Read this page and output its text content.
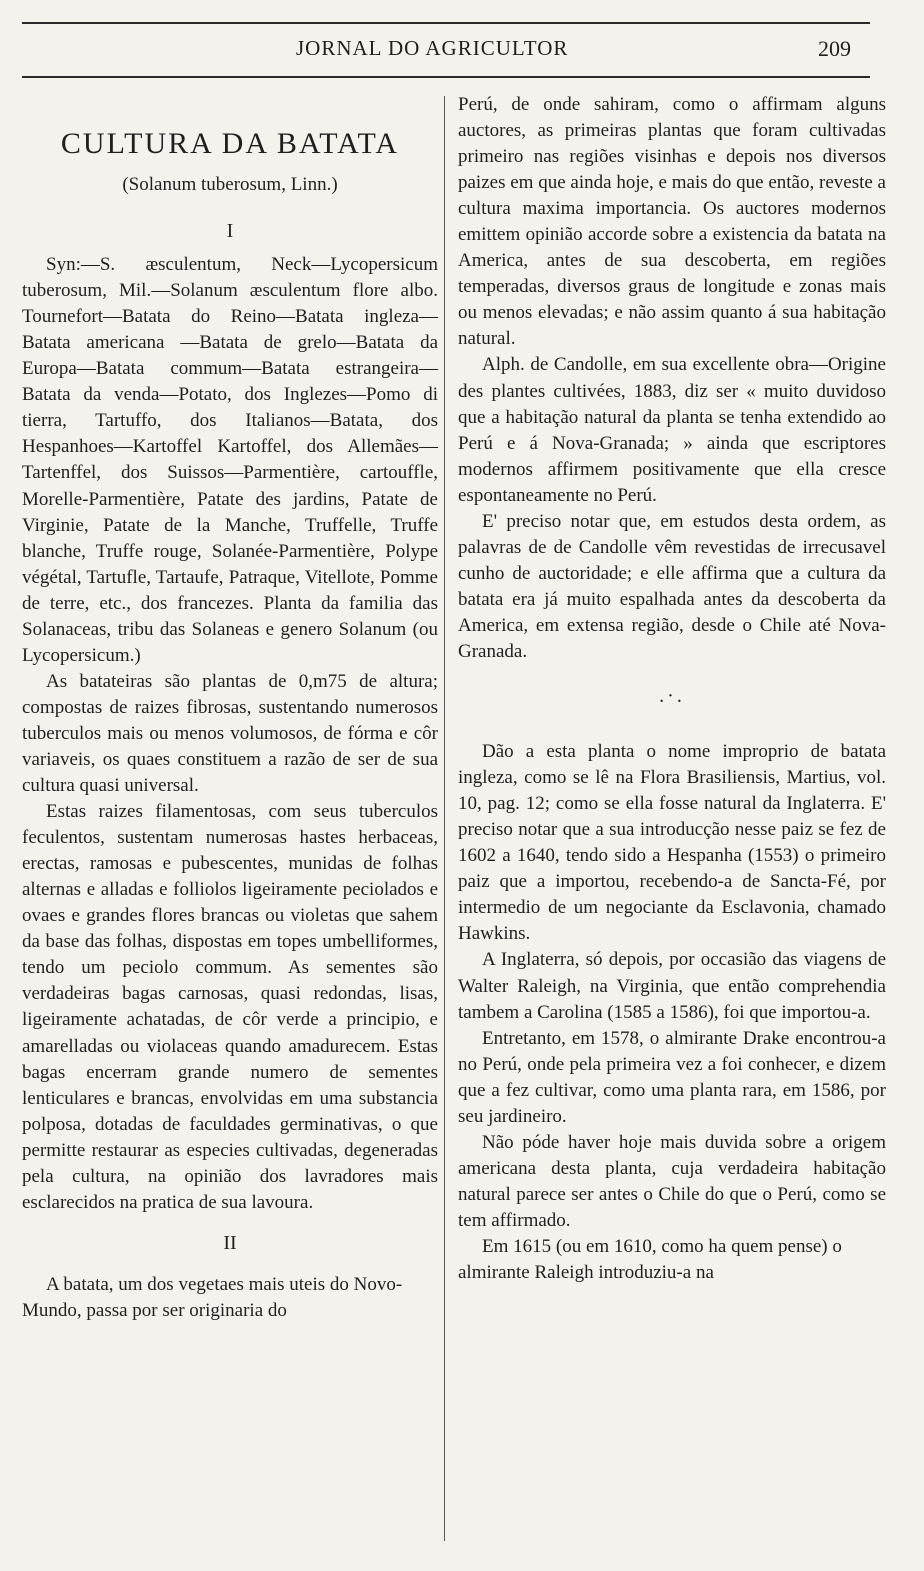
JORNAL DO AGRICULTOR	209
CULTURA DA BATATA
(Solanum tuberosum, Linn.)
I

Syn:—S. æsculentum, Neck—Lycopersicum tuberosum, Mil.—Solanum æsculentum flore albo. Tournefort—Batata do Reino—Batata ingleza—Batata americana —Batata de grelo—Batata da Europa—Batata commum—Batata estrangeira—Batata da venda—Potato, dos Inglezes—Pomo di tierra, Tartuffo, dos Italianos—Batata, dos Hespanhoes—Kartoffel Kartoffel, dos Allemães—Tartenffel, dos Suissos—Parmentière, cartouffle, Morelle-Parmentière, Patate des jardins, Patate de Virginie, Patate de la Manche, Truffelle, Truffe blanche, Truffe rouge, Solanée-Parmentière, Polype végétal, Tartufle, Tartaufe, Patraque, Vitellote, Pomme de terre, etc., dos francezes. Planta da familia das Solanaceas, tribu das Solaneas e genero Solanum (ou Lycopersicum.)

As batateiras são plantas de 0,m75 de altura; compostas de raizes fibrosas, sustentando numerosos tuberculos mais ou menos volumosos, de fórma e côr variaveis, os quaes constituem a razão de ser de sua cultura quasi universal.

Estas raizes filamentosas, com seus tuberculos feculentos, sustentam numerosas hastes herbaceas, erectas, ramosas e pubescentes, munidas de folhas alternas e alladas e folliolos ligeiramente peciolados e ovaes e grandes flores brancas ou violetas que sahem da base das folhas, dispostas em topes umbelliformes, tendo um peciolo commum. As sementes são verdadeiras bagas carnosas, quasi redondas, lisas, ligeiramente achatadas, de côr verde a principio, e amarelladas ou violaceas quando amadurecem. Estas bagas encerram grande numero de sementes lenticulares e brancas, envolvidas em uma substancia polposa, dotadas de faculdades germinativas, o que permitte restaurar as especies cultivadas, degeneradas pela cultura, na opinião dos lavradores mais esclarecidos na pratica de sua lavoura.

II

A batata, um dos vegetaes mais uteis do Novo-Mundo, passa por ser originaria do

Perú, de onde sahiram, como o affirmam alguns auctores, as primeiras plantas que foram cultivadas primeiro nas regiões visinhas e depois nos diversos paizes em que ainda hoje, e mais do que então, reveste a cultura maxima importancia. Os auctores modernos emittem opinião accorde sobre a existencia da batata na America, antes de sua descoberta, em regiões temperadas, diversos graus de longitude e zonas mais ou menos elevadas; e não assim quanto á sua habitação natural.

Alph. de Candolle, em sua excellente obra—Origine des plantes cultivées, 1883, diz ser « muito duvidoso que a habitação natural da planta se tenha extendido ao Perú e á Nova-Granada; » ainda que escriptores modernos affirmem positivamente que ella cresce espontaneamente no Perú.

E' preciso notar que, em estudos desta ordem, as palavras de de Candolle vêm revestidas de irrecusavel cunho de auctoridade; e elle affirma que a cultura da batata era já muito espalhada antes da descoberta da America, em extensa região, desde o Chile até Nova-Granada.

.·.

Dão a esta planta o nome improprio de batata ingleza, como se lê na Flora Brasiliensis, Martius, vol. 10, pag. 12; como se ella fosse natural da Inglaterra. E' preciso notar que a sua introducção nesse paiz se fez de 1602 a 1640, tendo sido a Hespanha (1553) o primeiro paiz que a importou, recebendo-a de Sancta-Fé, por intermedio de um negociante da Esclavonia, chamado Hawkins.

A Inglaterra, só depois, por occasião das viagens de Walter Raleigh, na Virginia, que então comprehendia tambem a Carolina (1585 a 1586), foi que importou-a.

Entretanto, em 1578, o almirante Drake encontrou-a no Perú, onde pela primeira vez a foi conhecer, e dizem que a fez cultivar, como uma planta rara, em 1586, por seu jardineiro.

Não póde haver hoje mais duvida sobre a origem americana desta planta, cuja verdadeira habitação natural parece ser antes o Chile do que o Perú, como se tem affirmado.

Em 1615 (ou em 1610, como ha quem pense) o almirante Raleigh introduziu-a na
